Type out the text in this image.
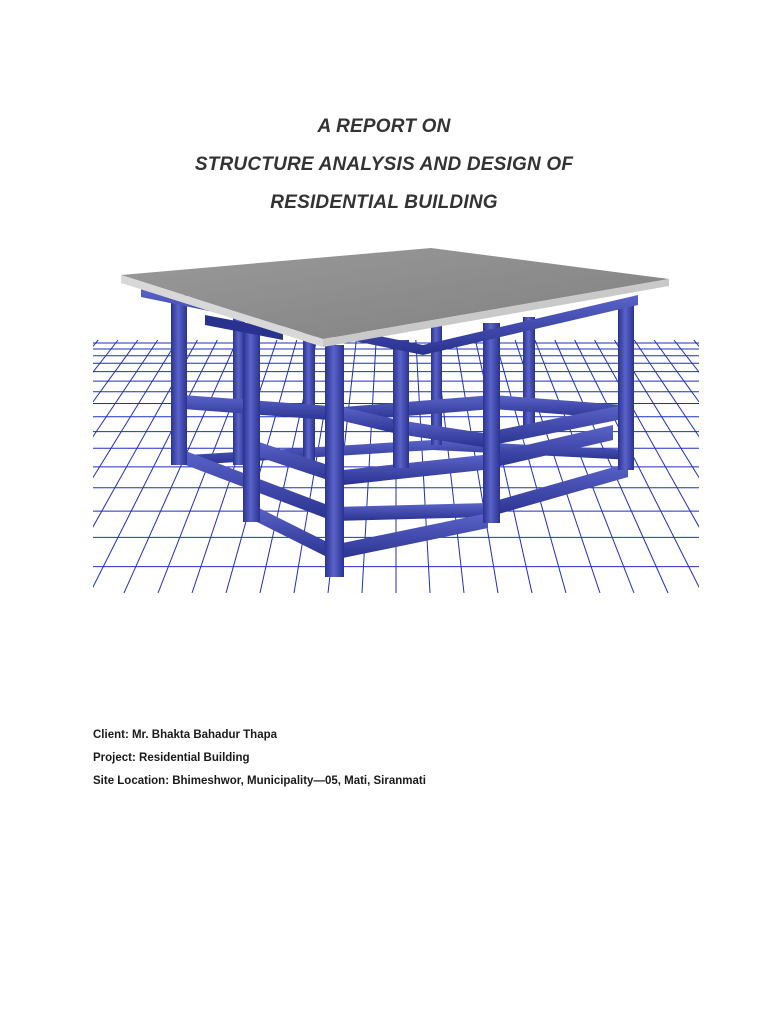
A REPORT ON
STRUCTURE ANALYSIS AND DESIGN OF
RESIDENTIAL BUILDING
Client: Mr. Bhakta Bahadur Thapa
Project: Residential Building
Site Location: Bhimeshwor, Municipality—05, Mati, Siranmati
